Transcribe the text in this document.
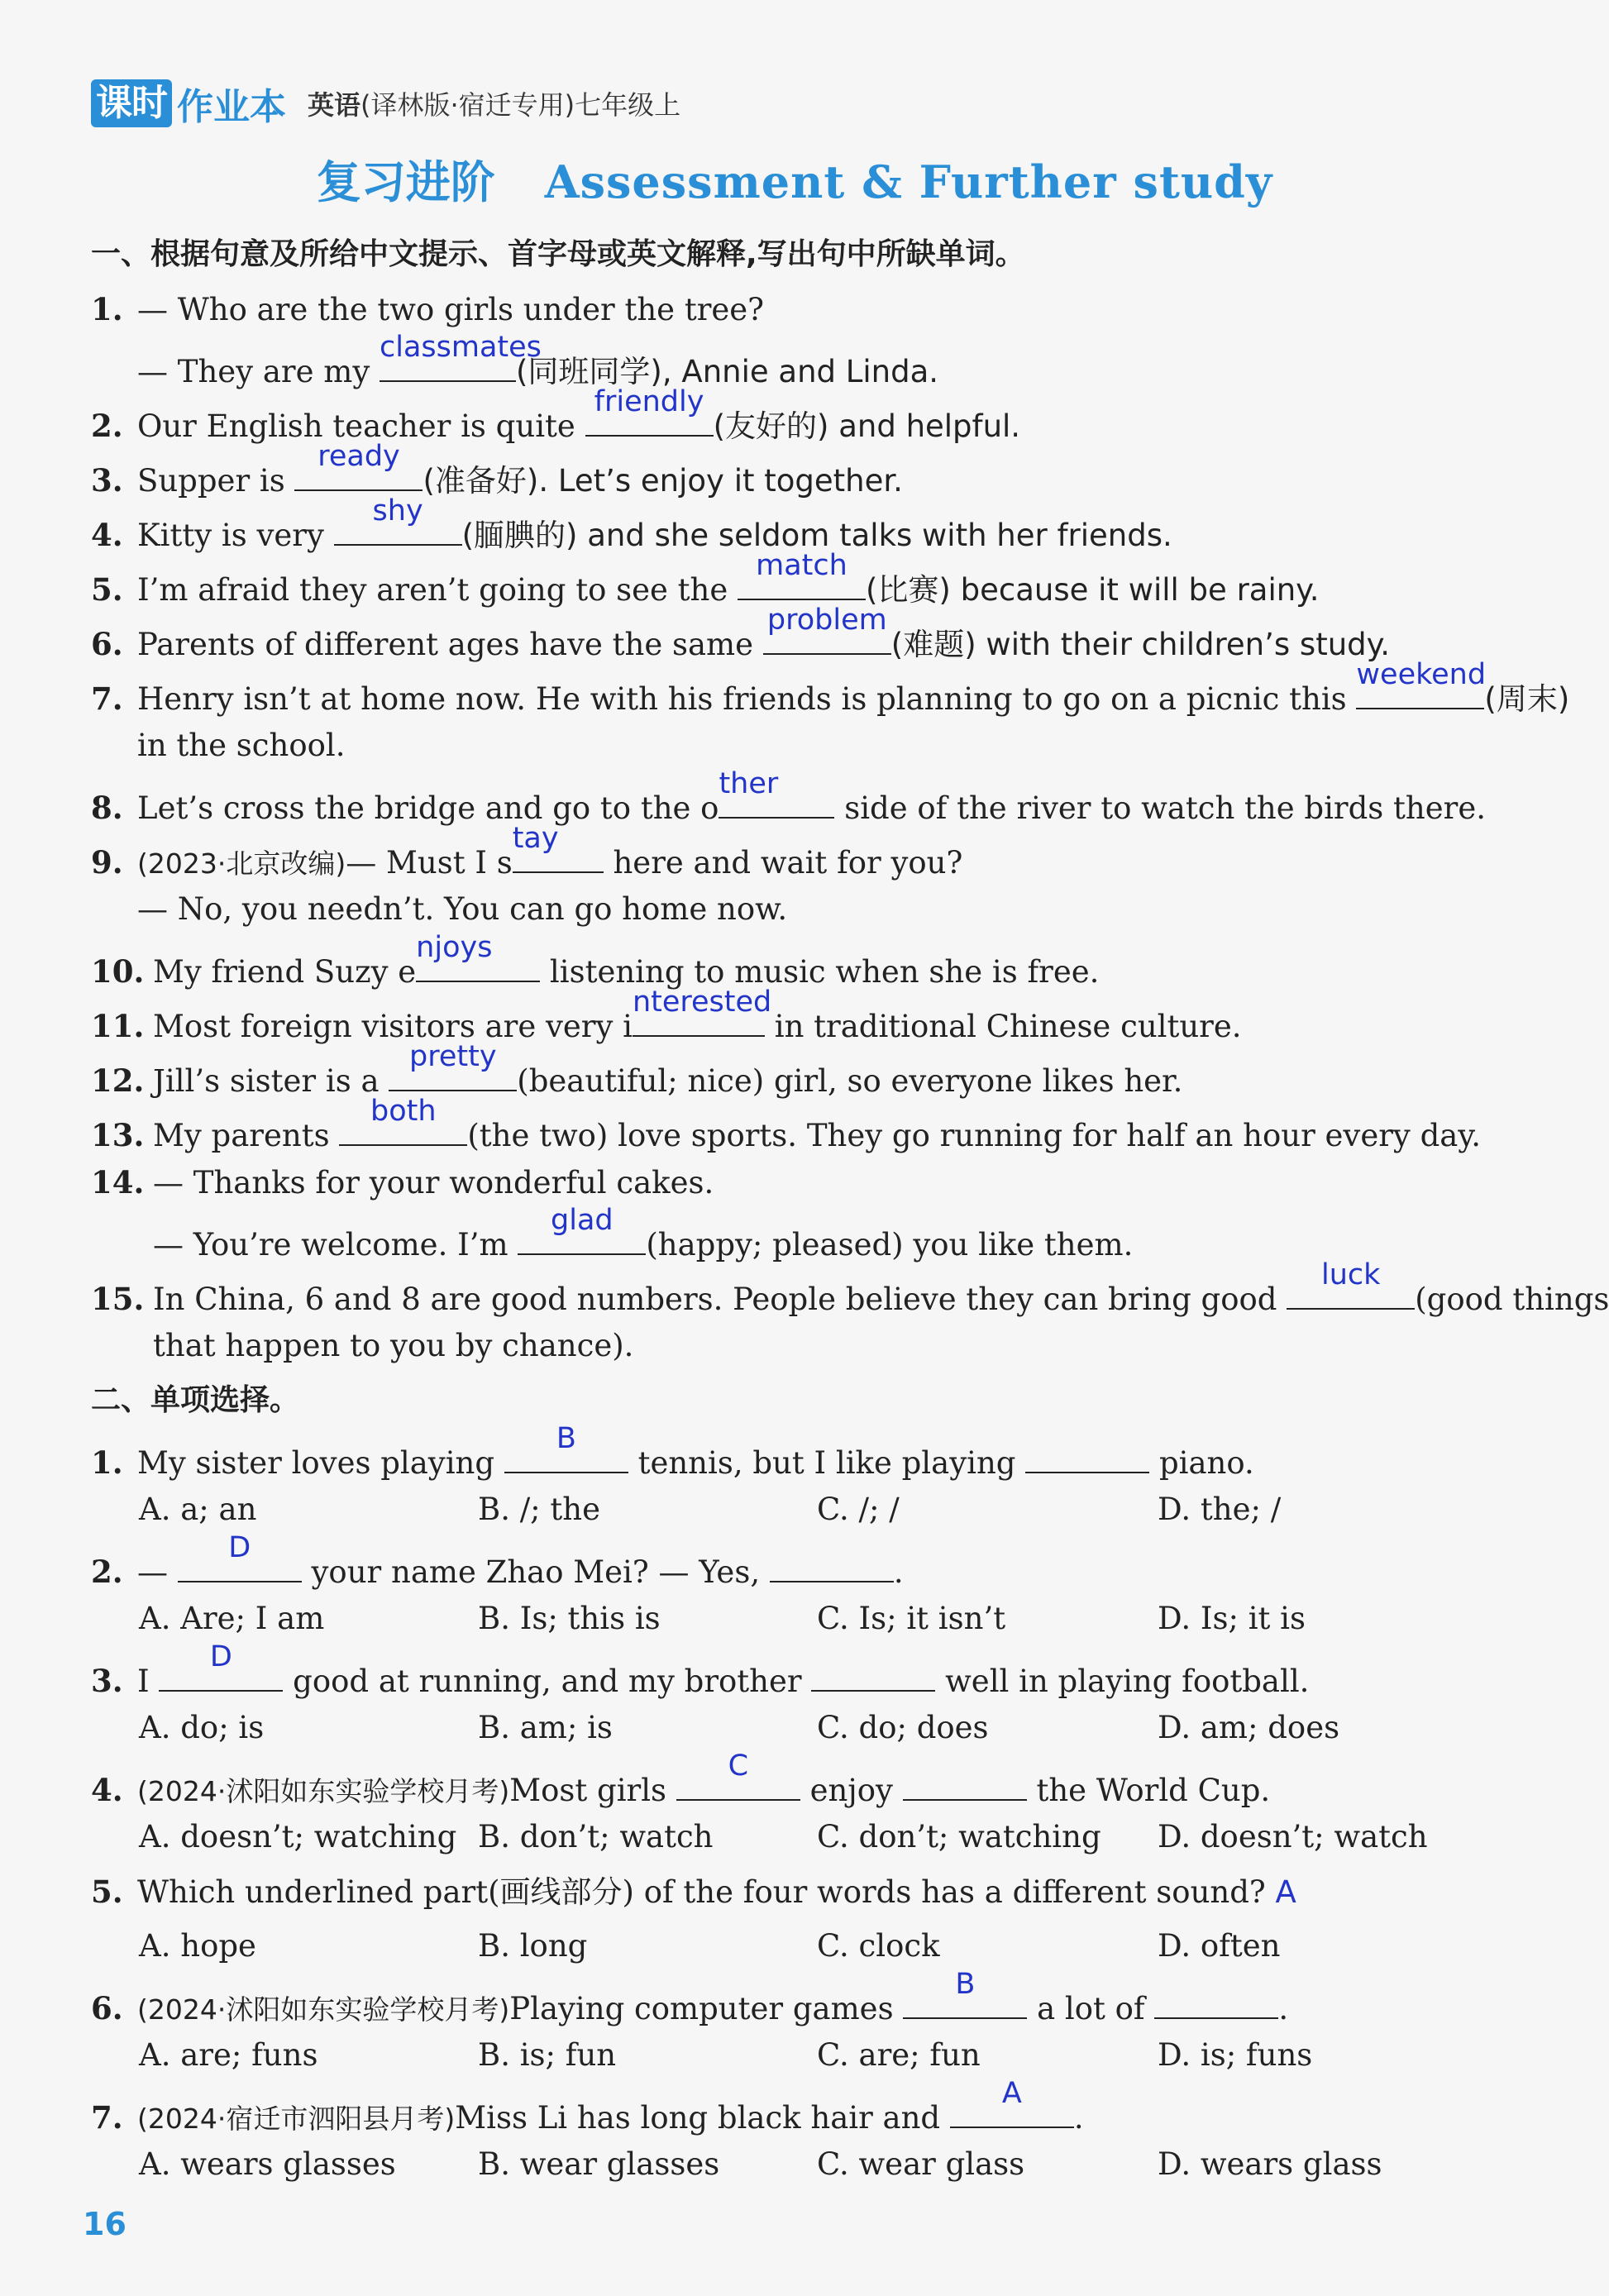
课时 作业本 英语(译林版·宿迁专用)七年级上
复习进阶 Assessment & Further study
一、根据句意及所给中文提示、首字母或英文解释,写出句中所缺单词。
1. — Who are the two girls under the tree?
— They are my
classmates
(同班同学), Annie and Linda.
2. Our English teacher is quite
friendly
(友好的) and helpful.
3. Supper is
ready
(准备好). Let’s enjoy it together.
4. Kitty is very
shy
(腼腆的) and she seldom talks with her friends.
5. I’m afraid they aren’t going to see the
match
(比赛) because it will be rainy.
6. Parents of different ages have the same
problem
(难题) with their children’s study.
7. Henry isn’t at home now. He with his friends is planning to go on a picnic this
weekend
(周末)
in the school.
8. Let’s cross the bridge and go to the o
ther
side of the river to watch the birds there.
9. (2023·北京改编)— Must I s
tay
here and wait for you?
— No, you needn’t. You can go home now.
10. My friend Suzy e
njoys
listening to music when she is free.
11. Most foreign visitors are very i
nterested
in traditional Chinese culture.
12. Jill’s sister is a
pretty
(beautiful; nice) girl, so everyone likes her.
13. My parents
both
(the two) love sports. They go running for half an hour every day.
14. — Thanks for your wonderful cakes.
— You’re welcome. I’m
glad
(happy; pleased) you like them.
15. In China, 6 and 8 are good numbers. People believe they can bring good
luck
(good things
that happen to you by chance).
二、单项选择。
1. My sister loves playing
B
tennis, but I like playing	piano.
A. a; an	B. /; the	C. /; /	D. the; /
2. —
D
your name Zhao Mei? — Yes,	.
A. Are; I am	B. Is; this is	C. Is; it isn’t	D. Is; it is
3. I
D
good at running, and my brother	well in playing football.
A. do; is	B. am; is	C. do; does	D. am; does
4. (2024·沭阳如东实验学校月考)Most girls
C
enjoy	the World Cup.
A. doesn’t; watching B. don’t; watch	C. don’t; watching D. doesn’t; watch
5. Which underlined part(画线部分) of the four words has a different sound? A
A. hope	B. long	C. clock	D. often
6. (2024·沭阳如东实验学校月考)Playing computer games
B
a lot of	.
A. are; funs	B. is; fun	C. are; fun	D. is; funs
7. (2024·宿迁市泗阳县月考)Miss Li has long black hair and
A
.
A. wears glasses	B. wear glasses	C. wear glass	D. wears glass
16
